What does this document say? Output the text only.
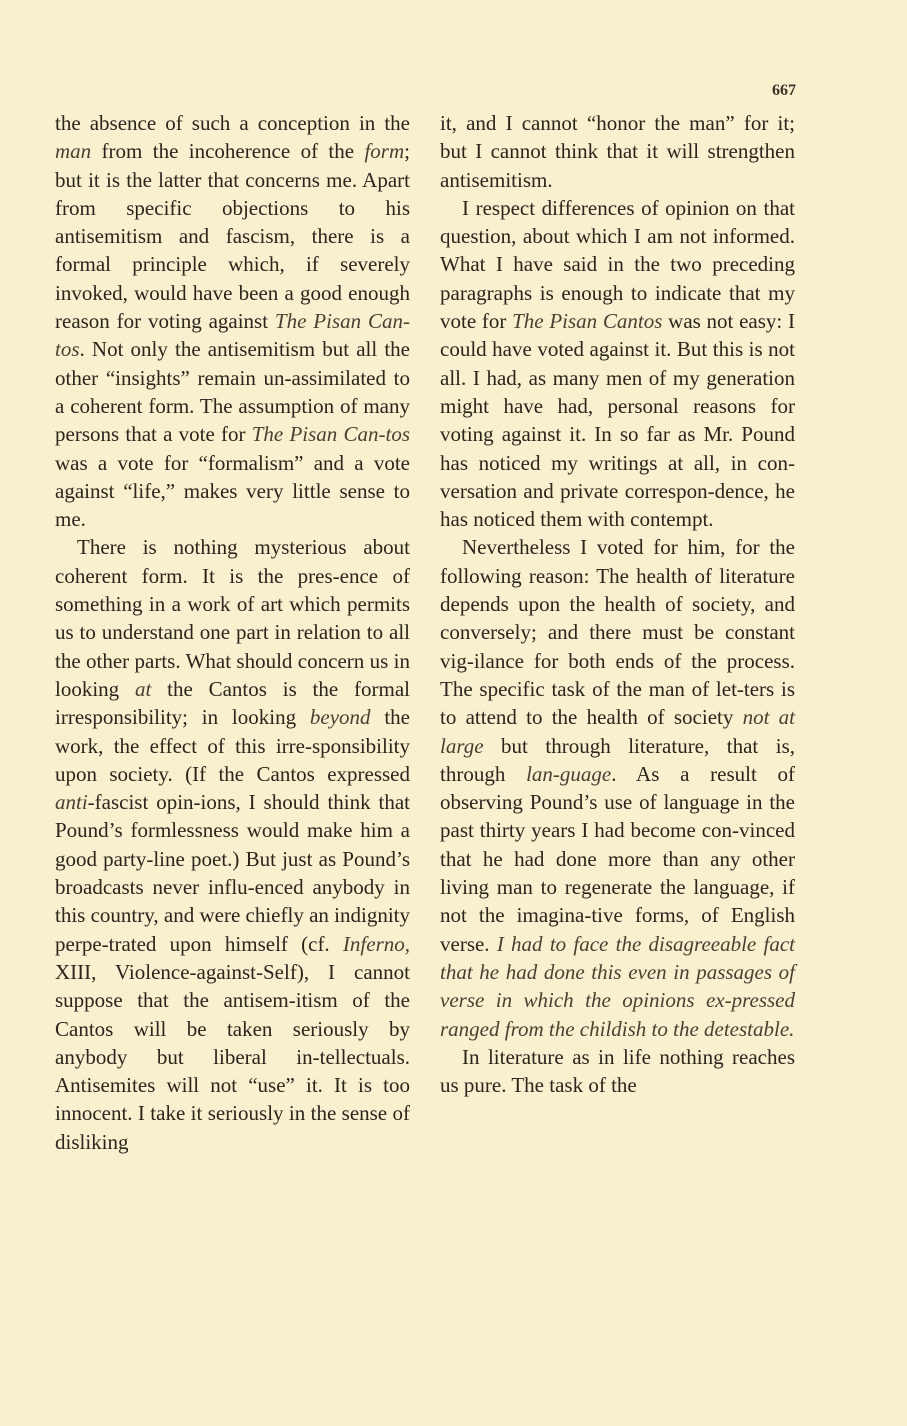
667

the absence of such a conception in the man from the incoherence of the form; but it is the latter that concerns me. Apart from specific objections to his antisemitism and fascism, there is a formal principle which, if severely invoked, would have been a good enough reason for voting against The Pisan Can-tos. Not only the antisemitism but all the other “insights” remain un-assimilated to a coherent form. The assumption of many persons that a vote for The Pisan Can-tos was a vote for “formalism” and a vote against “life,” makes very little sense to me.

There is nothing mysterious about coherent form. It is the pres-ence of something in a work of art which permits us to understand one part in relation to all the other parts. What should concern us in looking at the Cantos is the formal irresponsibility; in looking beyond the work, the effect of this irre-sponsibility upon society. (If the Cantos expressed anti-fascist opin-ions, I should think that Pound’s formlessness would make him a good party-line poet.) But just as Pound’s broadcasts never influ-enced anybody in this country, and were chiefly an indignity perpe-trated upon himself (cf. Inferno, XIII, Violence-against-Self), I cannot suppose that the antisem-itism of the Cantos will be taken seriously by anybody but liberal in-tellectuals. Antisemites will not “use” it. It is too innocent. I take it seriously in the sense of disliking

it, and I cannot “honor the man” for it; but I cannot think that it will strengthen antisemitism.

I respect differences of opinion on that question, about which I am not informed. What I have said in the two preceding paragraphs is enough to indicate that my vote for The Pisan Cantos was not easy: I could have voted against it. But this is not all. I had, as many men of my generation might have had, personal reasons for voting against it. In so far as Mr. Pound has noticed my writings at all, in con-versation and private correspon-dence, he has noticed them with contempt.

Nevertheless I voted for him, for the following reason: The health of literature depends upon the health of society, and conversely; and there must be constant vig-ilance for both ends of the process. The specific task of the man of let-ters is to attend to the health of society not at large but through literature, that is, through lan-guage. As a result of observing Pound’s use of language in the past thirty years I had become con-vinced that he had done more than any other living man to regenerate the language, if not the imagina-tive forms, of English verse. I had to face the disagreeable fact that he had done this even in passages of verse in which the opinions ex-pressed ranged from the childish to the detestable.

In literature as in life nothing reaches us pure. The task of the
